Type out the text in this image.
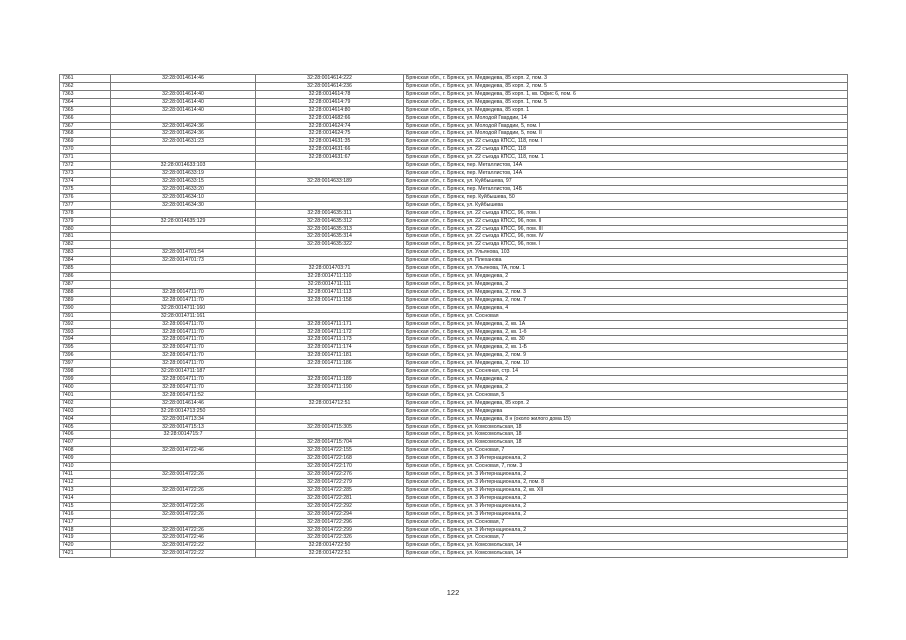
7361	32:28:0014614:46	32:28:0014614:222	Брянская обл., г. Брянск, ул. Медведева, 85 корп. 2, пом. 3
7362		32:28:0014614:236	Брянская обл., г. Брянск, ул. Медведева, 85 корп. 2, пом. 5
7363	32:28:0014614:40	32:28:0014614:78	Брянская обл., г. Брянск, ул. Медведева, 85 корп. 1, кв. Офис 6, пом. 6
7364	32:28:0014614:40	32:28:0014614:79	Брянская обл., г. Брянск, ул. Медведева, 85 корп. 1, пом. 5
7365	32:28:0014614:40	32:28:0014614:80	Брянская обл., г. Брянск, ул. Медведева, 85 корп. 1
7366		32:28:0014682:66	Брянская обл., г. Брянск, ул. Молодой Гвардии, 14
7367	32:28:0014624:36	32:28:0014624:74	Брянская обл., г. Брянск, ул. Молодой Гвардии, 5, пом. I
7368	32:28:0014624:36	32:28:0014624:75	Брянская обл., г. Брянск, ул. Молодой Гвардии, 5, пом. II
7369	32:28:0014631:23	32:28:0014631:35	Брянская обл., г. Брянск, ул. 22 съезда КПСС, 118, пом. I
7370		32:28:0014631:66	Брянская обл., г. Брянск, ул. 22 съезда КПСС, 118
7371		32:28:0014631:67	Брянская обл., г. Брянск, ул. 22 съезда КПСС, 118, пом. 1
7372	32:28:0014633:103		Брянская обл., г. Брянск, пер. Металлистов, 14А
7373	32:28:0014633:19		Брянская обл., г. Брянск, пер. Металлистов, 14А
7374	32:28:0014633:15	32:28:0014633:189	Брянская обл., г. Брянск, ул. Куйбышева, 97
7375	32:28:0014633:20		Брянская обл., г. Брянск, пер. Металлистов, 14Б
7376	32:28:0014634:10		Брянская обл., г. Брянск, пер. Куйбышева, 50
7377	32:28:0014634:30		Брянская обл., г. Брянск, ул. Куйбышева
7378		32:28:0014635:311	Брянская обл., г. Брянск, ул. 22 съезда КПСС, 96, пом. I
7379	32:28:0014635:129	32:28:0014635:312	Брянская обл., г. Брянск, ул. 22 съезда КПСС, 96, пом. II
7380		32:28:0014635:313	Брянская обл., г. Брянск, ул. 22 съезда КПСС, 96, пом. III
7381		32:28:0014635:314	Брянская обл., г. Брянск, ул. 22 съезда КПСС, 96, пом. IV
7382		32:28:0014635:322	Брянская обл., г. Брянск, ул. 22 съезда КПСС, 96, пом. I
7383	32:28:0014701:54		Брянская обл., г. Брянск, ул. Ульянова, 103
7384	32:28:0014701:73		Брянская обл., г. Брянск, ул. Плеханова
7385		32:28:0014703:71	Брянская обл., г. Брянск, ул. Ульянова, 7А, пом. 1
7386		32:28:0014711:110	Брянская обл., г. Брянск, ул. Медведева, 2
7387		32:28:0014711:111	Брянская обл., г. Брянск, ул. Медведева, 2
7388	32:28:0014711:70	32:28:0014711:113	Брянская обл., г. Брянск, ул. Медведева, 2, пом. 3
7389	32:28:0014711:70	32:28:0014711:158	Брянская обл., г. Брянск, ул. Медведева, 2, пом. 7
7390	32:28:0014711:160		Брянская обл., г. Брянск, ул. Медведева, 4
7391	32:28:0014711:161		Брянская обл., г. Брянск, ул. Сосновая
7392	32:28:0014711:70	32:28:0014711:171	Брянская обл., г. Брянск, ул. Медведева, 2, кв. 1А
7393	32:28:0014711:70	32:28:0014711:172	Брянская обл., г. Брянск, ул. Медведева, 2, кв. 1-б
7394	32:28:0014711:70	32:28:0014711:173	Брянская обл., г. Брянск, ул. Медведева, 2, кв. 30
7395	32:28:0014711:70	32:28:0014711:174	Брянская обл., г. Брянск, ул. Медведева, 2, кв. 1-Б
7396	32:28:0014711:70	32:28:0014711:181	Брянская обл., г. Брянск, ул. Медведева, 2, пом. 9
7397	32:28:0014711:70	32:28:0014711:186	Брянская обл., г. Брянск, ул. Медведева, 2, пом. 10
7398	32:28:0014711:187		Брянская обл., г. Брянск, ул. Сосняная, стр. 14
7399	32:28:0014711:70	32:28:0014711:189	Брянская обл., г. Брянск, ул. Медведева, 2
7400	32:28:0014711:70	32:28:0014711:190	Брянская обл., г. Брянск, ул. Медведева, 2
7401	32:28:0014711:52		Брянская обл., г. Брянск, ул. Сосновая, 5
7402	32:28:0014614:46	32:28:0014712:51	Брянская обл., г. Брянск, ул. Медведева, 85 корп. 2
7403	32:28:0014713:250		Брянская обл., г. Брянск, ул. Медведева
7404	32:28:0014713:34		Брянская обл., г. Брянск, ул. Медведева, 8 н (около жилого дома 15)
7405	32:28:0014715:13	32:28:0014715:305	Брянская обл., г. Брянск, ул. Комсомольская, 18
7406	32:28:0014715:7		Брянская обл., г. Брянск, ул. Комсомольская, 18
7407		32:28:0014715:704	Брянская обл., г. Брянск, ул. Комсомольская, 18
7408	32:28:0014722:46	32:28:0014722:155	Брянская обл., г. Брянск, ул. Сосновая, 7
7409		32:28:0014722:168	Брянская обл., г. Брянск, ул. 3 Интернационала, 2
7410		32:28:0014722:170	Брянская обл., г. Брянск, ул. Сосновая, 7, пом. 3
7411	32:28:0014722:26	32:28:0014722:276	Брянская обл., г. Брянск, ул. 3 Интернационала, 2
7412		32:28:0014722:279	Брянская обл., г. Брянск, ул. 3 Интернационала, 2, пом. 8
7413	32:28:0014722:26	32:28:0014722:285	Брянская обл., г. Брянск, ул. 3 Интернационала, 2, кв. XII
7414		32:28:0014722:281	Брянская обл., г. Брянск, ул. 3 Интернационала, 2
7415	32:28:0014722:26	32:28:0014722:292	Брянская обл., г. Брянск, ул. 3 Интернационала, 2
7416	32:28:0014722:26	32:28:0014722:294	Брянская обл., г. Брянск, ул. 3 Интернационала, 2
7417		32:28:0014722:296	Брянская обл., г. Брянск, ул. Сосновая, 7
7418	32:28:0014722:26	32:28:0014722:299	Брянская обл., г. Брянск, ул. 3 Интернационала, 2
7419	32:28:0014722:46	32:28:0014722:326	Брянская обл., г. Брянск, ул. Сосновая, 7
7420	32:28:0014722:22	32:28:0014722:50	Брянская обл., г. Брянск, ул. Комсомольская, 14
7421	32:28:0014722:22	32:28:0014722:51	Брянская обл., г. Брянск, ул. Комсомольская, 14
122
